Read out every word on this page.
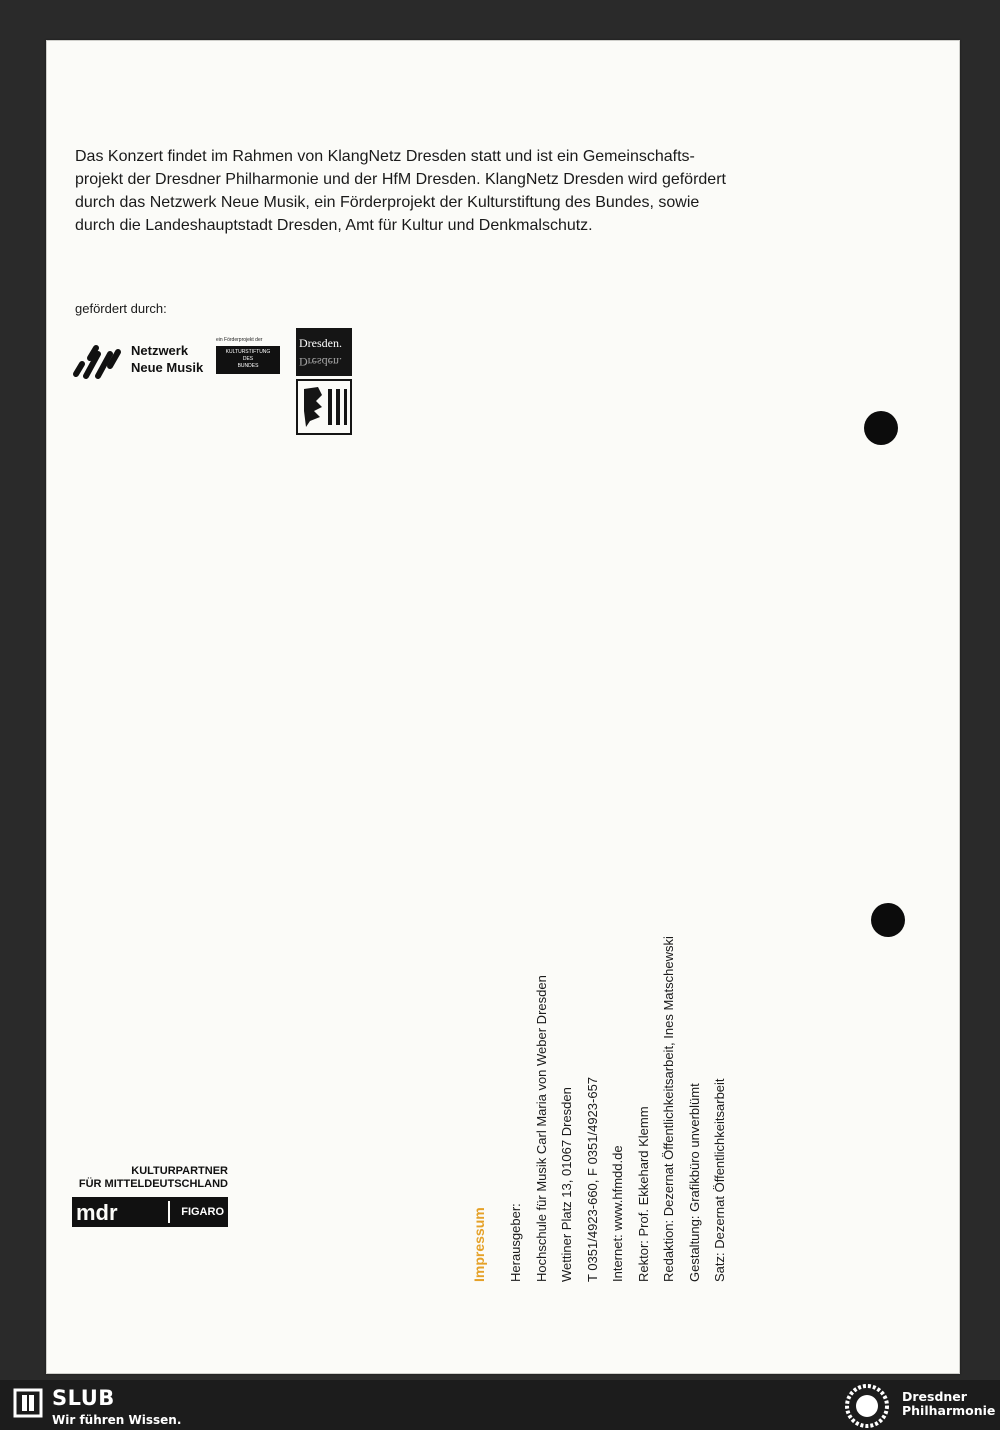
Das Konzert findet im Rahmen von KlangNetz Dresden statt und ist ein Gemeinschafts-

projekt der Dresdner Philharmonie und der HfM Dresden. KlangNetz Dresden wird gefördert

durch das Netzwerk Neue Musik, ein Förderprojekt der Kulturstiftung des Bundes, sowie

durch die Landeshauptstadt Dresden, Amt für Kultur und Denkmalschutz.

gefördert durch:
Netzwerk
Neue Musik
ein Förderprojekt der
KULTURSTIFTUNG
DES
BUNDES
Dresden.
Dresden.
KULTURPARTNER
FÜR MITTELDEUTSCHLAND
mdr	FIGARO	Impressum	Herausgeber: Hochschule für Musik Carl Maria von Weber Dresden Wettiner Platz 13, 01067 Dresden T 0351/4923-660, F 0351/4923-657 Internet: www.hfmdd.de Rektor: Prof. Ekkehard Klemm Redaktion: Dezernat Öffentlichkeitsarbeit, Ines Matschewski Gestaltung: Grafikbüro unverblümt Satz: Dezernat Öffentlichkeitsarbeit

SLUB
Wir führen Wissen.
Dresdner
Philharmonie
